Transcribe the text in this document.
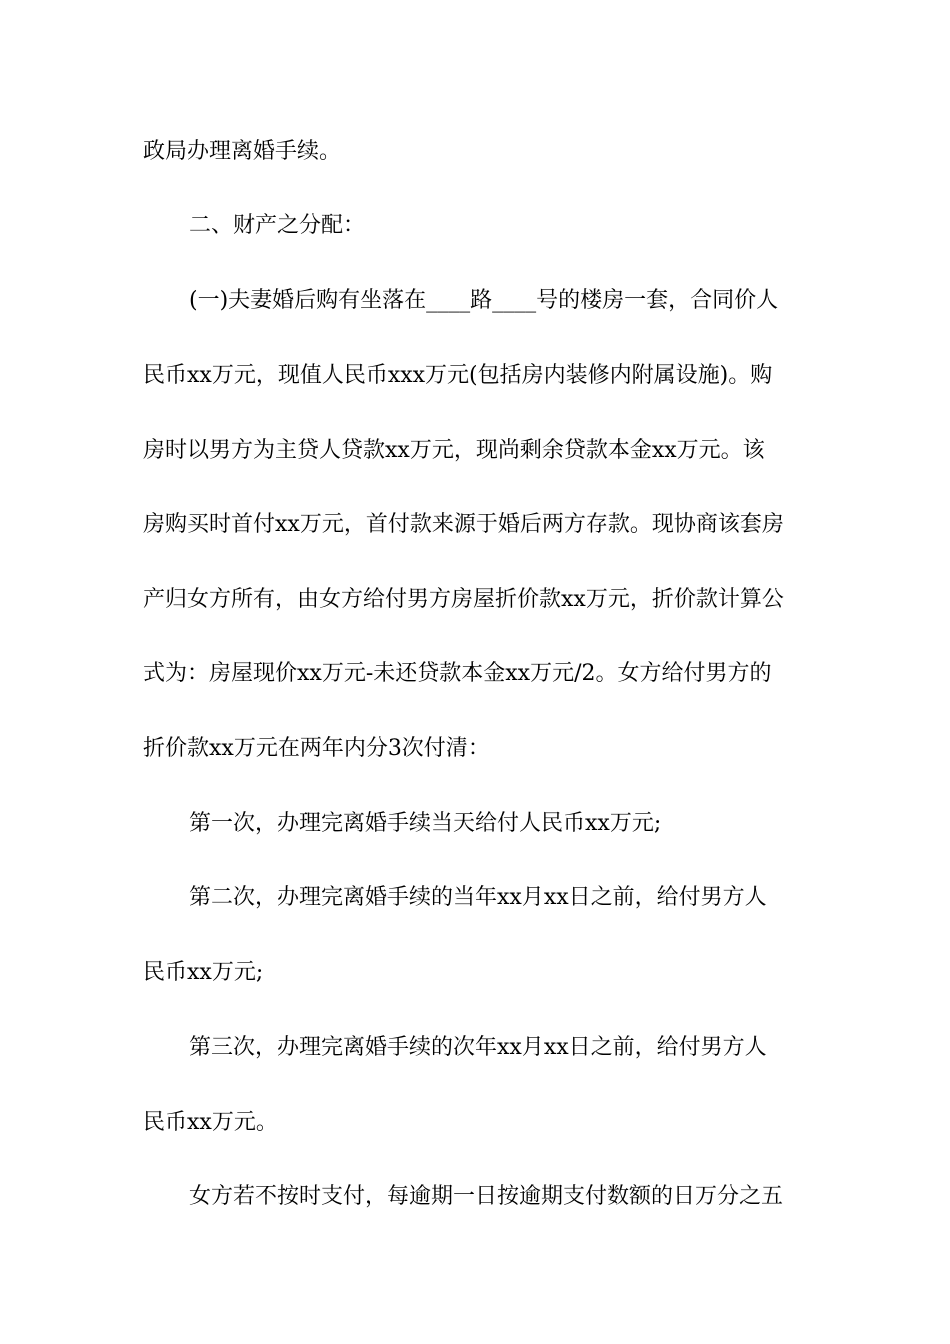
政局办理离婚手续。
二、财产之分配：
(一)夫妻婚后购有坐落在____路____号的楼房一套，合同价人
民币xx万元，现值人民币xxx万元(包括房内装修内附属设施)。购
房时以男方为主贷人贷款xx万元，现尚剩余贷款本金xx万元。该
房购买时首付xx万元，首付款来源于婚后两方存款。现协商该套房
产归女方所有，由女方给付男方房屋折价款xx万元，折价款计算公
式为：房屋现价xx万元-未还贷款本金xx万元/2。女方给付男方的
折价款xx万元在两年内分3次付清：
第一次，办理完离婚手续当天给付人民币xx万元;
第二次，办理完离婚手续的当年xx月xx日之前，给付男方人
民币xx万元;
第三次，办理完离婚手续的次年xx月xx日之前，给付男方人
民币xx万元。
女方若不按时支付，每逾期一日按逾期支付数额的日万分之五
